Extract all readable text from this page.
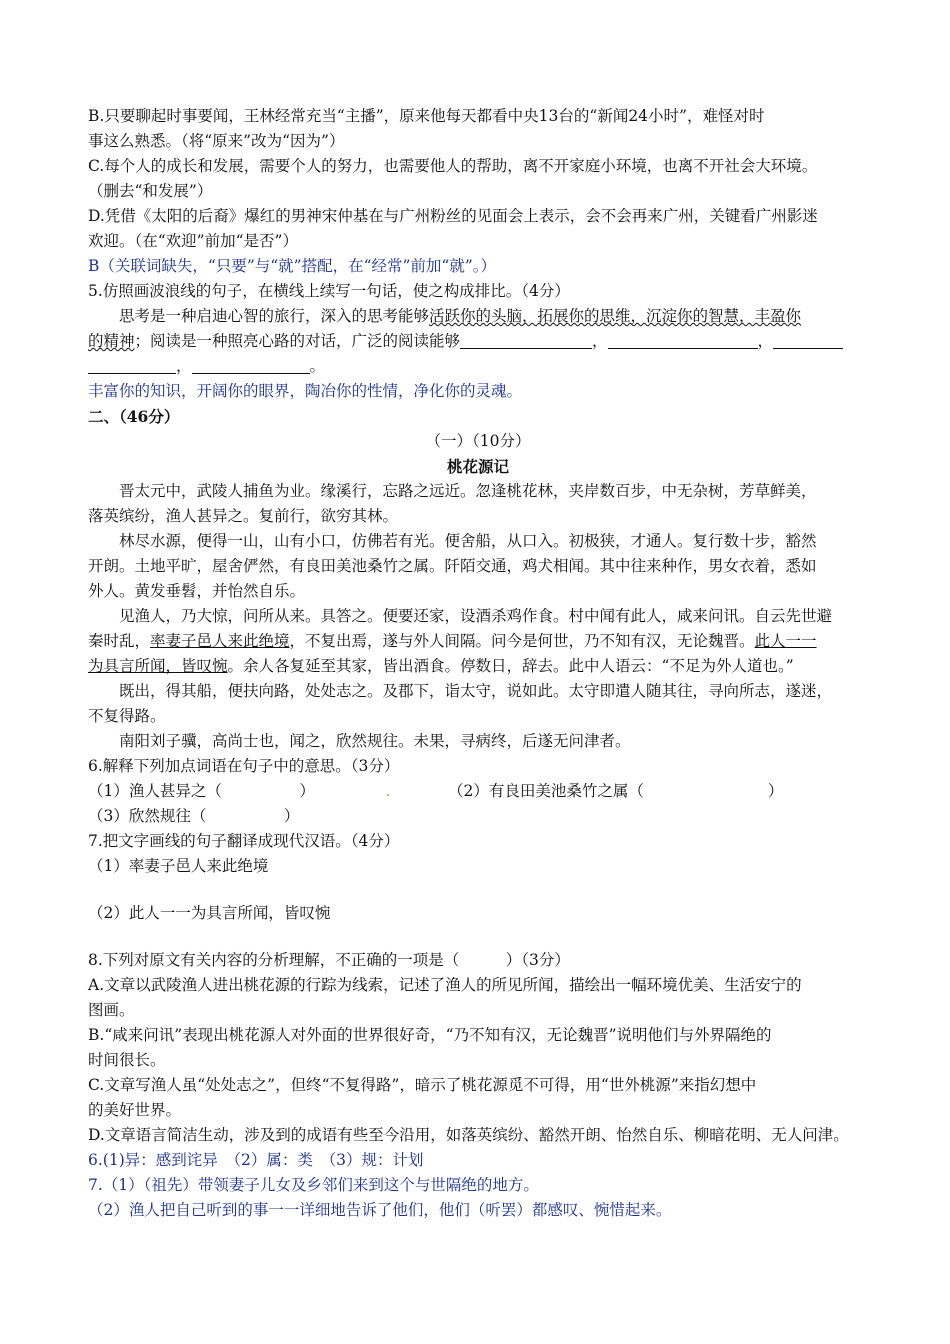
B.只要聊起时事要闻，王林经常充当“主播”，原来他每天都看中央13台的“新闻24小时”，难怪对时
事这么熟悉。（将“原来”改为“因为”）
C.每个人的成长和发展，需要个人的努力，也需要他人的帮助，离不开家庭小环境，也离不开社会大环境。
（删去“和发展”）
D.凭借《太阳的后裔》爆红的男神宋仲基在与广州粉丝的见面会上表示，会不会再来广州，关键看广州影迷
欢迎。（在“欢迎”前加“是否”）
B（关联词缺失，“只要”与“就”搭配，在“经常”前加“就”。）
5.仿照画波浪线的句子，在横线上续写一句话，使之构成排比。（4分）
思考是一种启迪心智的旅行，深入的思考能够活跃你的头脑，拓展你的思维，沉淀你的智慧，丰盈你
的精神；阅读是一种照亮心路的对话，广泛的阅读能够	，	，
，	。
丰富你的知识，开阔你的眼界，陶冶你的性情，净化你的灵魂。
二、（46分）
（一）（10分）
桃花源记
晋太元中，武陵人捕鱼为业。缘溪行，忘路之远近。忽逢桃花林，夹岸数百步，中无杂树，芳草鲜美，
落英缤纷，渔人甚异之。复前行，欲穷其林。
林尽水源，便得一山，山有小口，仿佛若有光。便舍船，从口入。初极狭，才通人。复行数十步，豁然
开朗。土地平旷，屋舍俨然，有良田美池桑竹之属。阡陌交通，鸡犬相闻。其中往来种作，男女衣着，悉如
外人。黄发垂髫，并怡然自乐。
见渔人，乃大惊，问所从来。具答之。便要还家，设酒杀鸡作食。村中闻有此人，咸来问讯。自云先世避
秦时乱，率妻子邑人来此绝境，不复出焉，遂与外人间隔。问今是何世，乃不知有汉，无论魏晋。此人一一
为具言所闻，皆叹惋。余人各复延至其家，皆出酒食。停数日，辞去。此中人语云：“不足为外人道也。”
既出，得其船，便扶向路，处处志之。及郡下，诣太守，说如此。太守即遣人随其往，寻向所志，遂迷，
不复得路。
南阳刘子骥，高尚士也，闻之，欣然规往。未果，寻病终，后遂无问津者。
6.解释下列加点词语在句子中的意思。（3分）
（1）渔人甚异之（　　　　　）	.	（2）有良田美池桑竹之属（　　　　　　　　）
（3）欣然规往（　　　　　）
7.把文字画线的句子翻译成现代汉语。（4分）
（1）率妻子邑人来此绝境
（2）此人一一为具言所闻，皆叹惋
8.下列对原文有关内容的分析理解，不正确的一项是（　　　）（3分）
A.文章以武陵渔人进出桃花源的行踪为线索，记述了渔人的所见所闻，描绘出一幅环境优美、生活安宁的
图画。
B.“咸来问讯”表现出桃花源人对外面的世界很好奇，“乃不知有汉，无论魏晋”说明他们与外界隔绝的
时间很长。
C.文章写渔人虽“处处志之”，但终“不复得路”，暗示了桃花源觅不可得，用“世外桃源”来指幻想中
的美好世界。
D.文章语言简洁生动，涉及到的成语有些至今沿用，如落英缤纷、豁然开朗、怡然自乐、柳暗花明、无人问津。
6.(1)异：感到诧异　（2）属：类　（3）规：计划
7.（1）（祖先）带领妻子儿女及乡邻们来到这个与世隔绝的地方。
（2）渔人把自己听到的事一一详细地告诉了他们，他们（听罢）都感叹、惋惜起来。
